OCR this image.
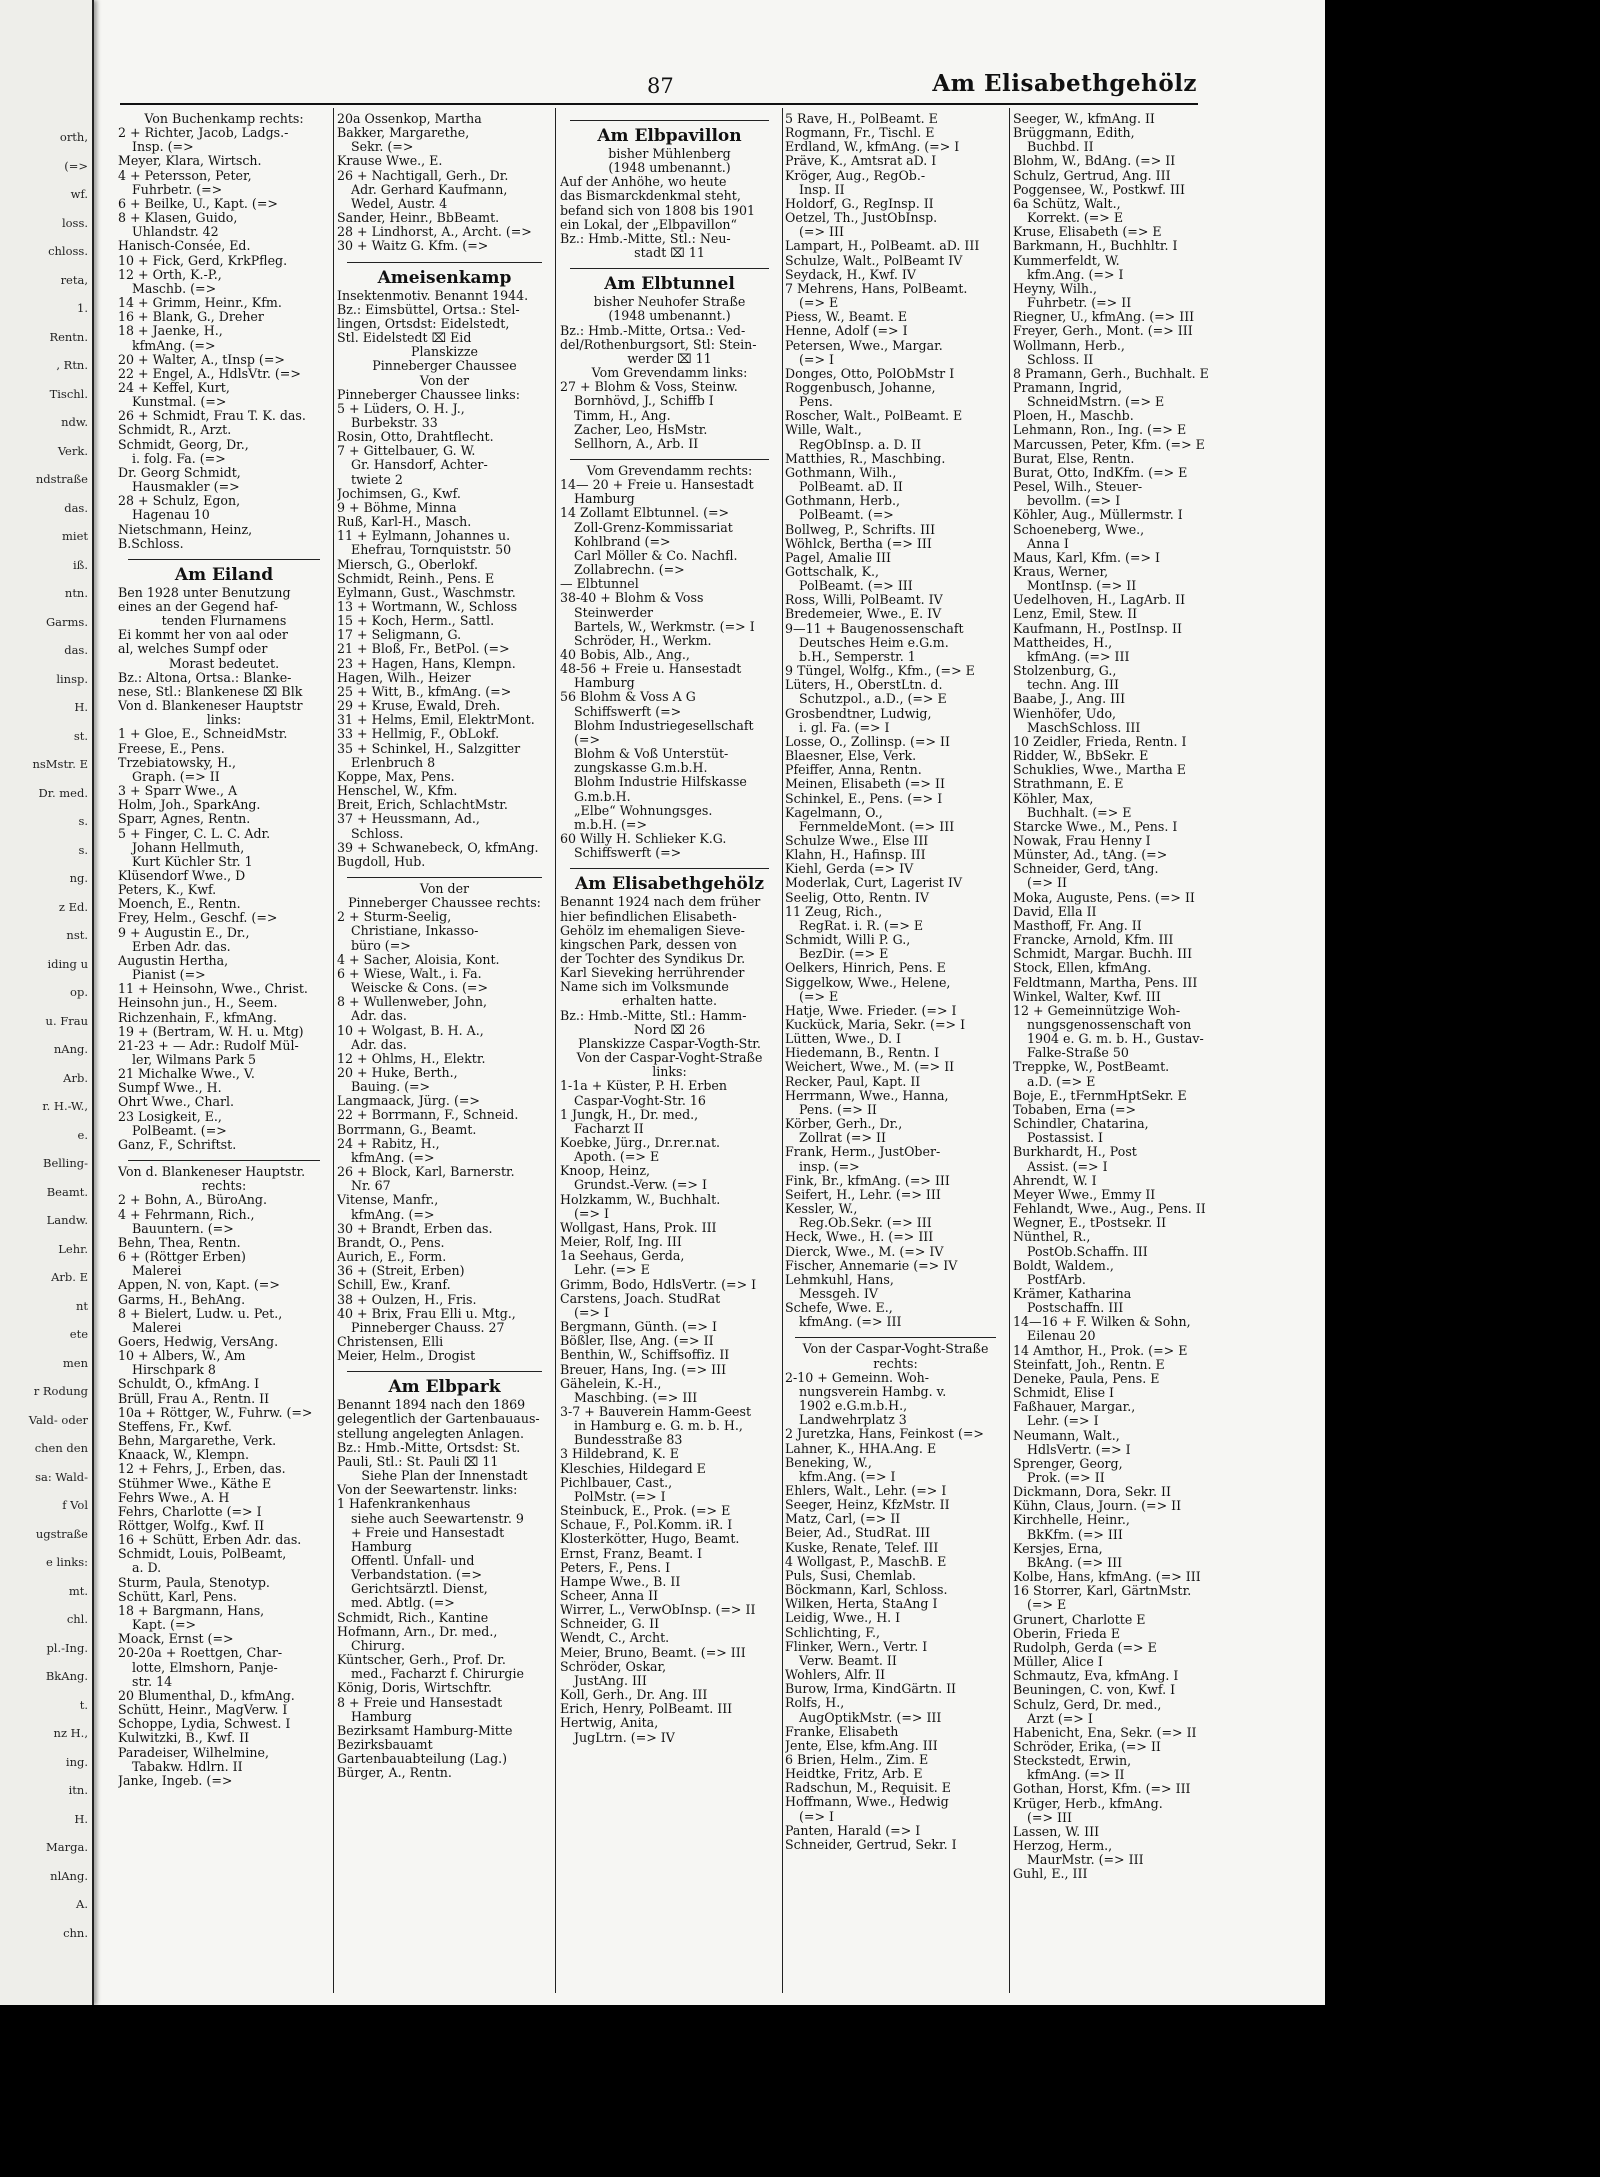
orth,
(=>
wf.
loss.
chloss.
reta,
1.
Rentn.
, Rtn.
Tischl.
ndw.
Verk.
ndstraße
das.
miet
iß.
ntn.
Garms.
das.
linsp.
H.
st.
nsMstr. E
Dr. med.
s.
s.
ng.
z Ed.
nst.
iding u
op.
u. Frau
nAng.
Arb.
r. H.-W.,
e.
Belling-
Beamt.
Landw.
Lehr.
Arb. E
nt
ete
men
r Rodung
Vald- oder
chen den
sa: Wald-
f Vol
ugstraße
e links:
mt.
chl.
pl.-Ing.
BkAng.
t.
nz H.,
ing.
itn.
H.
Marga.
nlAng.
A.
chn.
87	Am Elisabethgehölz
Von Buchenkamp rechts:
2 + Richter, Jacob, Ladgs.-
Insp. (=>
Meyer, Klara, Wirtsch.
4 + Petersson, Peter,
Fuhrbetr. (=>
6 + Beilke, U., Kapt. (=>
8 + Klasen, Guido,
Uhlandstr. 42
Hanisch-Consée, Ed.
10 + Fick, Gerd, KrkPfleg.
12 + Orth, K.-P.,
Maschb. (=>
14 + Grimm, Heinr., Kfm.
16 + Blank, G., Dreher
18 + Jaenke, H.,
kfmAng. (=>
20 + Walter, A., tInsp (=>
22 + Engel, A., HdlsVtr. (=>
24 + Keffel, Kurt,
Kunstmal. (=>
26 + Schmidt, Frau T. K. das.
Schmidt, R., Arzt.
Schmidt, Georg, Dr.,
i. folg. Fa. (=>
Dr. Georg Schmidt,
Hausmakler (=>
28 + Schulz, Egon,
Hagenau 10
Nietschmann, Heinz,
B.Schloss.
Am Eiland
Ben 1928 unter Benutzung
eines an der Gegend haf-
tenden Flurnamens
Ei kommt her von aal oder
al, welches Sumpf oder
Morast bedeutet.
Bz.: Altona, Ortsa.: Blanke-
nese, Stl.: Blankenese ⌧ Blk
Von d. Blankeneser Hauptstr
links:
1 + Gloe, E., SchneidMstr.
Freese, E., Pens.
Trzebiatowsky, H.,
Graph. (=> II
3 + Sparr Wwe., A
Holm, Joh., SparkAng.
Sparr, Agnes, Rentn.
5 + Finger, C. L. C. Adr.
Johann Hellmuth,
Kurt Küchler Str. 1
Klüsendorf Wwe., D
Peters, K., Kwf.
Moench, E., Rentn.
Frey, Helm., Geschf. (=>
9 + Augustin E., Dr.,
Erben Adr. das.
Augustin Hertha,
Pianist (=>
11 + Heinsohn, Wwe., Christ.
Heinsohn jun., H., Seem.
Richzenhain, F., kfmAng.
19 + (Bertram, W. H. u. Mtg)
21-23 + — Adr.: Rudolf Mül-
ler, Wilmans Park 5
21 Michalke Wwe., V.
Sumpf Wwe., H.
Ohrt Wwe., Charl.
23 Losigkeit, E.,
PolBeamt. (=>
Ganz, F., Schriftst.
Von d. Blankeneser Hauptstr.
rechts:
2 + Bohn, A., BüroAng.
4 + Fehrmann, Rich.,
Bauuntern. (=>
Behn, Thea, Rentn.
6 + (Röttger Erben)
Malerei
Appen, N. von, Kapt. (=>
Garms, H., BehAng.
8 + Bielert, Ludw. u. Pet.,
Malerei
Goers, Hedwig, VersAng.
10 + Albers, W., Am
Hirschpark 8
Schuldt, O., kfmAng. I
Brüll, Frau A., Rentn. II
10a + Röttger, W., Fuhrw. (=>
Steffens, Fr., Kwf.
Behn, Margarethe, Verk.
Knaack, W., Klempn.
12 + Fehrs, J., Erben, das.
Stühmer Wwe., Käthe E
Fehrs Wwe., A. H
Fehrs, Charlotte (=> I
Röttger, Wolfg., Kwf. II
16 + Schütt, Erben Adr. das.
Schmidt, Louis, PolBeamt,
a. D.
Sturm, Paula, Stenotyp.
Schütt, Karl, Pens.
18 + Bargmann, Hans,
Kapt. (=>
Moack, Ernst (=>
20-20a + Roettgen, Char-
lotte, Elmshorn, Panje-
str. 14
20 Blumenthal, D., kfmAng.
Schütt, Heinr., MagVerw. I
Schoppe, Lydia, Schwest. I
Kulwitzki, B., Kwf. II
Paradeiser, Wilhelmine,
Tabakw. Hdlrn. II
Janke, Ingeb. (=>
20a Ossenkop, Martha
Bakker, Margarethe,
Sekr. (=>
Krause Wwe., E.
26 + Nachtigall, Gerh., Dr.
Adr. Gerhard Kaufmann,
Wedel, Austr. 4
Sander, Heinr., BbBeamt.
28 + Lindhorst, A., Archt. (=>
30 + Waitz G. Kfm. (=>
Ameisenkamp
Insektenmotiv. Benannt 1944.
Bz.: Eimsbüttel, Ortsa.: Stel-
lingen, Ortsdst: Eidelstedt,
Stl. Eidelstedt ⌧ Eid
Planskizze
Pinneberger Chaussee
Von der
Pinneberger Chaussee links:
5 + Lüders, O. H. J.,
Burbekstr. 33
Rosin, Otto, Drahtflecht.
7 + Gittelbauer, G. W.
Gr. Hansdorf, Achter-
twiete 2
Jochimsen, G., Kwf.
9 + Böhme, Minna
Ruß, Karl-H., Masch.
11 + Eylmann, Johannes u.
Ehefrau, Tornquiststr. 50
Miersch, G., Oberlokf.
Schmidt, Reinh., Pens. E
Eylmann, Gust., Waschmstr.
13 + Wortmann, W., Schloss
15 + Koch, Herm., Sattl.
17 + Seligmann, G.
21 + Bloß, Fr., BetPol. (=>
23 + Hagen, Hans, Klempn.
Hagen, Wilh., Heizer
25 + Witt, B., kfmAng. (=>
29 + Kruse, Ewald, Dreh.
31 + Helms, Emil, ElektrMont.
33 + Hellmig, F., ObLokf.
35 + Schinkel, H., Salzgitter
Erlenbruch 8
Koppe, Max, Pens.
Henschel, W., Kfm.
Breit, Erich, SchlachtMstr.
37 + Heussmann, Ad.,
Schloss.
39 + Schwanebeck, O, kfmAng.
Bugdoll, Hub.
Von der
Pinneberger Chaussee rechts:
2 + Sturm-Seelig,
Christiane, Inkasso-
büro (=>
4 + Sacher, Aloisia, Kont.
6 + Wiese, Walt., i. Fa.
Weiscke & Cons. (=>
8 + Wullenweber, John,
Adr. das.
10 + Wolgast, B. H. A.,
Adr. das.
12 + Ohlms, H., Elektr.
20 + Huke, Berth.,
Bauing. (=>
Langmaack, Jürg. (=>
22 + Borrmann, F., Schneid.
Borrmann, G., Beamt.
24 + Rabitz, H.,
kfmAng. (=>
26 + Block, Karl, Barnerstr.
Nr. 67
Vitense, Manfr.,
kfmAng. (=>
30 + Brandt, Erben das.
Brandt, O., Pens.
Aurich, E., Form.
36 + (Streit, Erben)
Schill, Ew., Kranf.
38 + Oulzen, H., Fris.
40 + Brix, Frau Elli u. Mtg.,
Pinneberger Chauss. 27
Christensen, Elli
Meier, Helm., Drogist
Am Elbpark
Benannt 1894 nach den 1869
gelegentlich der Gartenbauaus-
stellung angelegten Anlagen.
Bz.: Hmb.-Mitte, Ortsdst: St.
Pauli, Stl.: St. Pauli ⌧ 11
Siehe Plan der Innenstadt
Von der Seewartenstr. links:
1 Hafenkrankenhaus
siehe auch Seewartenstr. 9
+ Freie und Hansestadt
Hamburg
Öffentl. Unfall- und
Verbandstation. (=>
Gerichtsärztl. Dienst,
med. Abtlg. (=>
Schmidt, Rich., Kantine
Hofmann, Arn., Dr. med.,
Chirurg.
Küntscher, Gerh., Prof. Dr.
med., Facharzt f. Chirurgie
König, Doris, Wirtschftr.
8 + Freie und Hansestadt
Hamburg
Bezirksamt Hamburg-Mitte
Bezirksbauamt
Gartenbauabteilung (Lag.)
Bürger, A., Rentn.
Am Elbpavillon
bisher Mühlenberg
(1948 umbenannt.)
Auf der Anhöhe, wo heute
das Bismarckdenkmal steht,
befand sich von 1808 bis 1901
ein Lokal, der „Elbpavillon“
Bz.: Hmb.-Mitte, Stl.: Neu-
stadt ⌧ 11
Am Elbtunnel
bisher Neuhofer Straße
(1948 umbenannt.)
Bz.: Hmb.-Mitte, Ortsa.: Ved-
del/Rothenburgsort, Stl: Stein-
werder ⌧ 11
Vom Grevendamm links:
27 + Blohm & Voss, Steinw.
Bornhövd, J., Schiffb I
Timm, H., Ang.
Zacher, Leo, HsMstr.
Sellhorn, A., Arb. II
Vom Grevendamm rechts:
14— 20 + Freie u. Hansestadt
Hamburg
14 Zollamt Elbtunnel. (=>
Zoll-Grenz-Kommissariat
Kohlbrand (=>
Carl Möller & Co. Nachfl.
Zollabrechn. (=>
— Elbtunnel
38-40 + Blohm & Voss
Steinwerder
Bartels, W., Werkmstr. (=> I
Schröder, H., Werkm.
40 Bobis, Alb., Ang.,
48-56 + Freie u. Hansestadt
Hamburg
56 Blohm & Voss A G
Schiffswerft (=>
Blohm Industriegesellschaft
(=>
Blohm & Voß Unterstüt-
zungskasse G.m.b.H.
Blohm Industrie Hilfskasse
G.m.b.H.
„Elbe“ Wohnungsges.
m.b.H. (=>
60 Willy H. Schlieker K.G.
Schiffswerft (=>
Am Elisabethgehölz
Benannt 1924 nach dem früher
hier befindlichen Elisabeth-
Gehölz im ehemaligen Sieve-
kingschen Park, dessen von
der Tochter des Syndikus Dr.
Karl Sieveking herrührender
Name sich im Volksmunde
erhalten hatte.
Bz.: Hmb.-Mitte, Stl.: Hamm-
Nord ⌧ 26
Planskizze Caspar-Vogth-Str.
Von der Caspar-Voght-Straße
links:
1-1a + Küster, P. H. Erben
Caspar-Voght-Str. 16
1 Jungk, H., Dr. med.,
Facharzt II
Koebke, Jürg., Dr.rer.nat.
Apoth. (=> E
Knoop, Heinz,
Grundst.-Verw. (=> I
Holzkamm, W., Buchhalt.
(=> I
Wollgast, Hans, Prok. III
Meier, Rolf, Ing. III
1a Seehaus, Gerda,
Lehr. (=> E
Grimm, Bodo, HdlsVertr. (=> I
Carstens, Joach. StudRat
(=> I
Bergmann, Günth. (=> I
Bößler, Ilse, Ang. (=> II
Benthin, W., Schiffsoffiz. II
Breuer, Hans, Ing. (=> III
Gähelein, K.-H.,
Maschbing. (=> III
3-7 + Bauverein Hamm-Geest
in Hamburg e. G. m. b. H.,
Bundesstraße 83
3 Hildebrand, K. E
Kleschies, Hildegard E
Pichlbauer, Cast.,
PolMstr. (=> I
Steinbuck, E., Prok. (=> E
Schaue, F., Pol.Komm. iR. I
Klosterkötter, Hugo, Beamt.
Ernst, Franz, Beamt. I
Peters, F., Pens. I
Hampe Wwe., B. II
Scheer, Anna II
Wirrer, L., VerwObInsp. (=> II
Schneider, G. II
Wendt, C., Archt.
Meier, Bruno, Beamt. (=> III
Schröder, Oskar,
JustAng. III
Koll, Gerh., Dr. Ang. III
Erich, Henry, PolBeamt. III
Hertwig, Anita,
JugLtrn. (=> IV
5 Rave, H., PolBeamt. E
Rogmann, Fr., Tischl. E
Erdland, W., kfmAng. (=> I
Präve, K., Amtsrat aD. I
Kröger, Aug., RegOb.-
Insp. II
Holdorf, G., RegInsp. II
Oetzel, Th., JustObInsp.
(=> III
Lampart, H., PolBeamt. aD. III
Schulze, Walt., PolBeamt IV
Seydack, H., Kwf. IV
7 Mehrens, Hans, PolBeamt.
(=> E
Piess, W., Beamt. E
Henne, Adolf (=> I
Petersen, Wwe., Margar.
(=> I
Donges, Otto, PolObMstr I
Roggenbusch, Johanne,
Pens.
Roscher, Walt., PolBeamt. E
Wille, Walt.,
RegObInsp. a. D. II
Matthies, R., Maschbing.
Gothmann, Wilh.,
PolBeamt. aD. II
Gothmann, Herb.,
PolBeamt. (=>
Bollweg, P., Schrifts. III
Wöhlck, Bertha (=> III
Pagel, Amalie III
Gottschalk, K.,
PolBeamt. (=> III
Ross, Willi, PolBeamt. IV
Bredemeier, Wwe., E. IV
9—11 + Baugenossenschaft
Deutsches Heim e.G.m.
b.H., Semperstr. 1
9 Tüngel, Wolfg., Kfm., (=> E
Lüters, H., OberstLtn. d.
Schutzpol., a.D., (=> E
Grosbendtner, Ludwig,
i. gl. Fa. (=> I
Losse, O., Zollinsp. (=> II
Blaesner, Else, Verk.
Pfeiffer, Anna, Rentn.
Meinen, Elisabeth (=> II
Schinkel, E., Pens. (=> I
Kagelmann, O.,
FernmeldeMont. (=> III
Schulze Wwe., Else III
Klahn, H., Hafinsp. III
Kiehl, Gerda (=> IV
Moderlak, Curt, Lagerist IV
Seelig, Otto, Rentn. IV
11 Zeug, Rich.,
RegRat. i. R. (=> E
Schmidt, Willi P. G.,
BezDir. (=> E
Oelkers, Hinrich, Pens. E
Siggelkow, Wwe., Helene,
(=> E
Hatje, Wwe. Frieder. (=> I
Kuckück, Maria, Sekr. (=> I
Lütten, Wwe., D. I
Hiedemann, B., Rentn. I
Weichert, Wwe., M. (=> II
Recker, Paul, Kapt. II
Herrmann, Wwe., Hanna,
Pens. (=> II
Körber, Gerh., Dr.,
Zollrat (=> II
Frank, Herm., JustOber-
insp. (=>
Fink, Br., kfmAng. (=> III
Seifert, H., Lehr. (=> III
Kessler, W.,
Reg.Ob.Sekr. (=> III
Heck, Wwe., H. (=> III
Dierck, Wwe., M. (=> IV
Fischer, Annemarie (=> IV
Lehmkuhl, Hans,
Messgeh. IV
Schefe, Wwe. E.,
kfmAng. (=> III
Von der Caspar-Voght-Straße
rechts:
2-10 + Gemeinn. Woh-
nungsverein Hambg. v.
1902 e.G.m.b.H.,
Landwehrplatz 3
2 Juretzka, Hans, Feinkost (=>
Lahner, K., HHA.Ang. E
Beneking, W.,
kfm.Ang. (=> I
Ehlers, Walt., Lehr. (=> I
Seeger, Heinz, KfzMstr. II
Matz, Carl, (=> II
Beier, Ad., StudRat. III
Kuske, Renate, Telef. III
4 Wollgast, P., MaschB. E
Puls, Susi, Chemlab.
Böckmann, Karl, Schloss.
Wilken, Herta, StaAng I
Leidig, Wwe., H. I
Schlichting, F.,
Flinker, Wern., Vertr. I
Verw. Beamt. II
Wohlers, Alfr. II
Burow, Irma, KindGärtn. II
Rolfs, H.,
AugOptikMstr. (=> III
Franke, Elisabeth
Jente, Else, kfm.Ang. III
6 Brien, Helm., Zim. E
Heidtke, Fritz, Arb. E
Radschun, M., Requisit. E
Hoffmann, Wwe., Hedwig
(=> I
Panten, Harald (=> I
Schneider, Gertrud, Sekr. I
Seeger, W., kfmAng. II
Brüggmann, Edith,
Buchbd. II
Blohm, W., BdAng. (=> II
Schulz, Gertrud, Ang. III
Poggensee, W., Postkwf. III
6a Schütz, Walt.,
Korrekt. (=> E
Kruse, Elisabeth (=> E
Barkmann, H., Buchhltr. I
Kummerfeldt, W.
kfm.Ang. (=> I
Heyny, Wilh.,
Fuhrbetr. (=> II
Riegner, U., kfmAng. (=> III
Freyer, Gerh., Mont. (=> III
Wollmann, Herb.,
Schloss. II
8 Pramann, Gerh., Buchhalt. E
Pramann, Ingrid,
SchneidMstrn. (=> E
Ploen, H., Maschb.
Lehmann, Ron., Ing. (=> E
Marcussen, Peter, Kfm. (=> E
Burat, Else, Rentn.
Burat, Otto, IndKfm. (=> E
Pesel, Wilh., Steuer-
bevollm. (=> I
Köhler, Aug., Müllermstr. I
Schoeneberg, Wwe.,
Anna I
Maus, Karl, Kfm. (=> I
Kraus, Werner,
MontInsp. (=> II
Uedelhoven, H., LagArb. II
Lenz, Emil, Stew. II
Kaufmann, H., PostInsp. II
Mattheides, H.,
kfmAng. (=> III
Stolzenburg, G.,
techn. Ang. III
Baabe, J., Ang. III
Wienhöfer, Udo,
MaschSchloss. III
10 Zeidler, Frieda, Rentn. I
Ridder, W., BbSekr. E
Schuklies, Wwe., Martha E
Strathmann, E. E
Köhler, Max,
Buchhalt. (=> E
Starcke Wwe., M., Pens. I
Nowak, Frau Henny I
Münster, Ad., tAng. (=>
Schneider, Gerd, tAng.
(=> II
Moka, Auguste, Pens. (=> II
David, Ella II
Masthoff, Fr. Ang. II
Francke, Arnold, Kfm. III
Schmidt, Margar. Buchh. III
Stock, Ellen, kfmAng.
Feldtmann, Martha, Pens. III
Winkel, Walter, Kwf. III
12 + Gemeinnützige Woh-
nungsgenossenschaft von
1904 e. G. m. b. H., Gustav-
Falke-Straße 50
Treppke, W., PostBeamt.
a.D. (=> E
Boje, E., tFernmHptSekr. E
Tobaben, Erna (=>
Schindler, Chatarina,
Postassist. I
Burkhardt, H., Post
Assist. (=> I
Ahrendt, W. I
Meyer Wwe., Emmy II
Fehlandt, Wwe., Aug., Pens. II
Wegner, E., tPostsekr. II
Nünthel, R.,
PostOb.Schaffn. III
Boldt, Waldem.,
PostfArb.
Krämer, Katharina
Postschaffn. III
14—16 + F. Wilken & Sohn,
Eilenau 20
14 Amthor, H., Prok. (=> E
Steinfatt, Joh., Rentn. E
Deneke, Paula, Pens. E
Schmidt, Elise I
Faßhauer, Margar.,
Lehr. (=> I
Neumann, Walt.,
HdlsVertr. (=> I
Sprenger, Georg,
Prok. (=> II
Dickmann, Dora, Sekr. II
Kühn, Claus, Journ. (=> II
Kirchhelle, Heinr.,
BkKfm. (=> III
Kersjes, Erna,
BkAng. (=> III
Kolbe, Hans, kfmAng. (=> III
16 Storrer, Karl, GärtnMstr.
(=> E
Grunert, Charlotte E
Oberin, Frieda E
Rudolph, Gerda (=> E
Müller, Alice I
Schmautz, Eva, kfmAng. I
Beuningen, C. von, Kwf. I
Schulz, Gerd, Dr. med.,
Arzt (=> I
Habenicht, Ena, Sekr. (=> II
Schröder, Erika, (=> II
Steckstedt, Erwin,
kfmAng. (=> II
Gothan, Horst, Kfm. (=> III
Krüger, Herb., kfmAng.
(=> III
Lassen, W. III
Herzog, Herm.,
MaurMstr. (=> III
Guhl, E., III
